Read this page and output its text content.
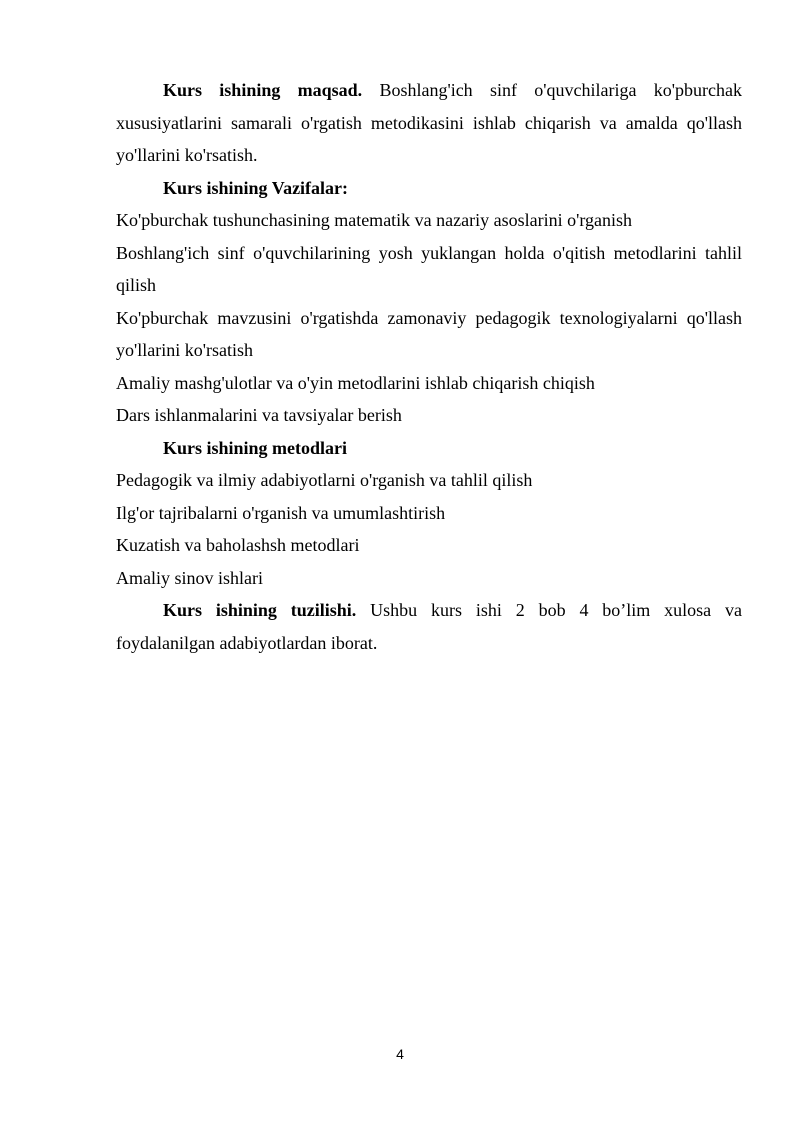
Kurs ishining maqsad. Boshlang'ich sinf o'quvchilariga ko'pburchak xususiyatlarini samarali o'rgatish metodikasini ishlab chiqarish va amalda qo'llash yo'llarini ko'rsatish.

Kurs ishining Vazifalar:

Ko'pburchak tushunchasining matematik va nazariy asoslarini o'rganish

Boshlang'ich sinf o'quvchilarining yosh yuklangan holda o'qitish metodlarini tahlil qilish

Ko'pburchak mavzusini o'rgatishda zamonaviy pedagogik texnologiyalarni qo'llash yo'llarini ko'rsatish

Amaliy mashg'ulotlar va o'yin metodlarini ishlab chiqarish chiqish

Dars ishlanmalarini va tavsiyalar berish

Kurs ishining metodlari

Pedagogik va ilmiy adabiyotlarni o'rganish va tahlil qilish

Ilg'or tajribalarni o'rganish va umumlashtirish

Kuzatish va baholashsh metodlari

Amaliy sinov ishlari

Kurs ishining tuzilishi. Ushbu kurs ishi 2 bob 4 bo’lim xulosa va foydalanilgan adabiyotlardan iborat.

4
